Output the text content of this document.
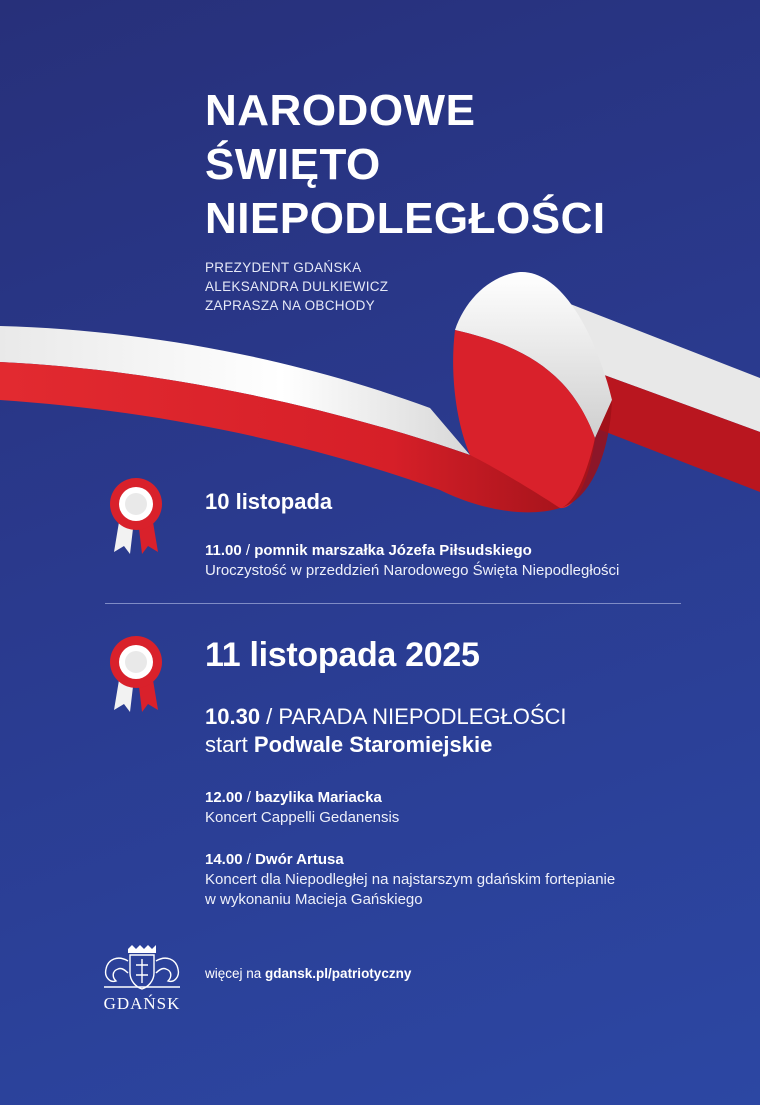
NARODOWE
ŚWIĘTO
NIEPODLEGŁOŚCI
PREZYDENT GDAŃSKA
ALEKSANDRA DULKIEWICZ
ZAPRASZA NA OBCHODY
10 listopada
11.00 / pomnik marszałka Józefa Piłsudskiego
Uroczystość w przeddzień Narodowego Święta Niepodległości
11 listopada 2025
10.30 / PARADA NIEPODLEGŁOŚCI
start Podwale Staromiejskie
12.00 / bazylika Mariacka
Koncert Cappelli Gedanensis
14.00 / Dwór Artusa
Koncert dla Niepodległej na najstarszym gdańskim fortepianie
w wykonaniu Macieja Gańskiego
GDAŃSK
więcej na gdansk.pl/patriotyczny
